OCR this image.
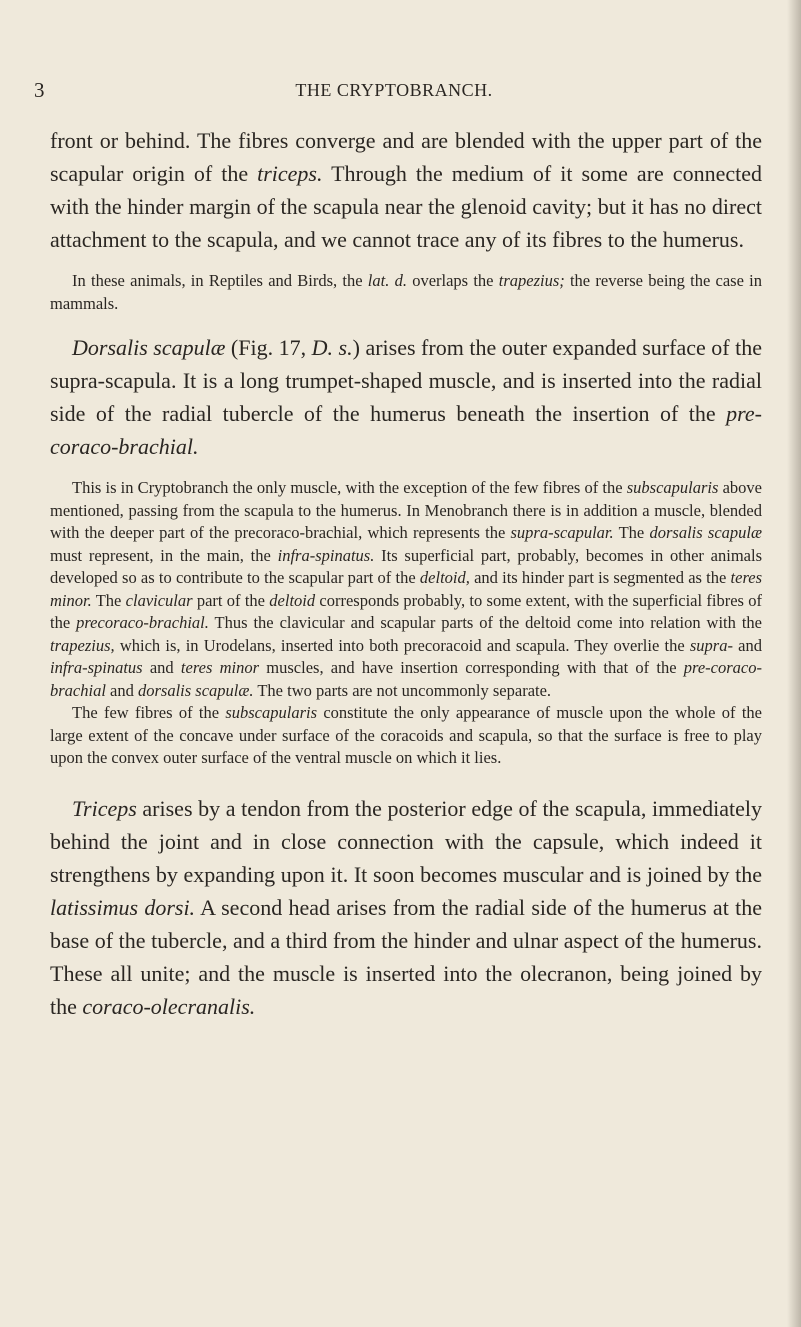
3	THE CRYPTOBRANCH.

front or behind. The fibres converge and are blended with the upper part of the scapular origin of the triceps. Through the medium of it some are connected with the hinder margin of the scapula near the glenoid cavity; but it has no direct attachment to the scapula, and we cannot trace any of its fibres to the humerus.

In these animals, in Reptiles and Birds, the lat. d. overlaps the trapezius; the reverse being the case in mammals.

Dorsalis scapulæ (Fig. 17, D. s.) arises from the outer expanded surface of the supra-scapula. It is a long trumpet-shaped muscle, and is inserted into the radial side of the radial tubercle of the humerus beneath the insertion of the pre-coraco-brachial.

This is in Cryptobranch the only muscle, with the exception of the few fibres of the subscapularis above mentioned, passing from the scapula to the humerus. In Menobranch there is in addition a muscle, blended with the deeper part of the precoraco-brachial, which represents the supra-scapular. The dorsalis scapulæ must represent, in the main, the infra-spinatus. Its superficial part, probably, becomes in other animals developed so as to contribute to the scapular part of the deltoid, and its hinder part is segmented as the teres minor. The clavicular part of the deltoid corresponds probably, to some extent, with the superficial fibres of the precoraco-brachial. Thus the clavicular and scapular parts of the deltoid come into relation with the trapezius, which is, in Urodelans, inserted into both precoracoid and scapula. They overlie the supra- and infra-spinatus and teres minor muscles, and have insertion corresponding with that of the pre-coraco-brachial and dorsalis scapulæ. The two parts are not uncommonly separate.

The few fibres of the subscapularis constitute the only appearance of muscle upon the whole of the large extent of the concave under surface of the coracoids and scapula, so that the surface is free to play upon the convex outer surface of the ventral muscle on which it lies.

Triceps arises by a tendon from the posterior edge of the scapula, immediately behind the joint and in close connection with the capsule, which indeed it strengthens by expanding upon it. It soon becomes muscular and is joined by the latissimus dorsi. A second head arises from the radial side of the humerus at the base of the tubercle, and a third from the hinder and ulnar aspect of the humerus. These all unite; and the muscle is inserted into the olecranon, being joined by the coraco-olecranalis.
